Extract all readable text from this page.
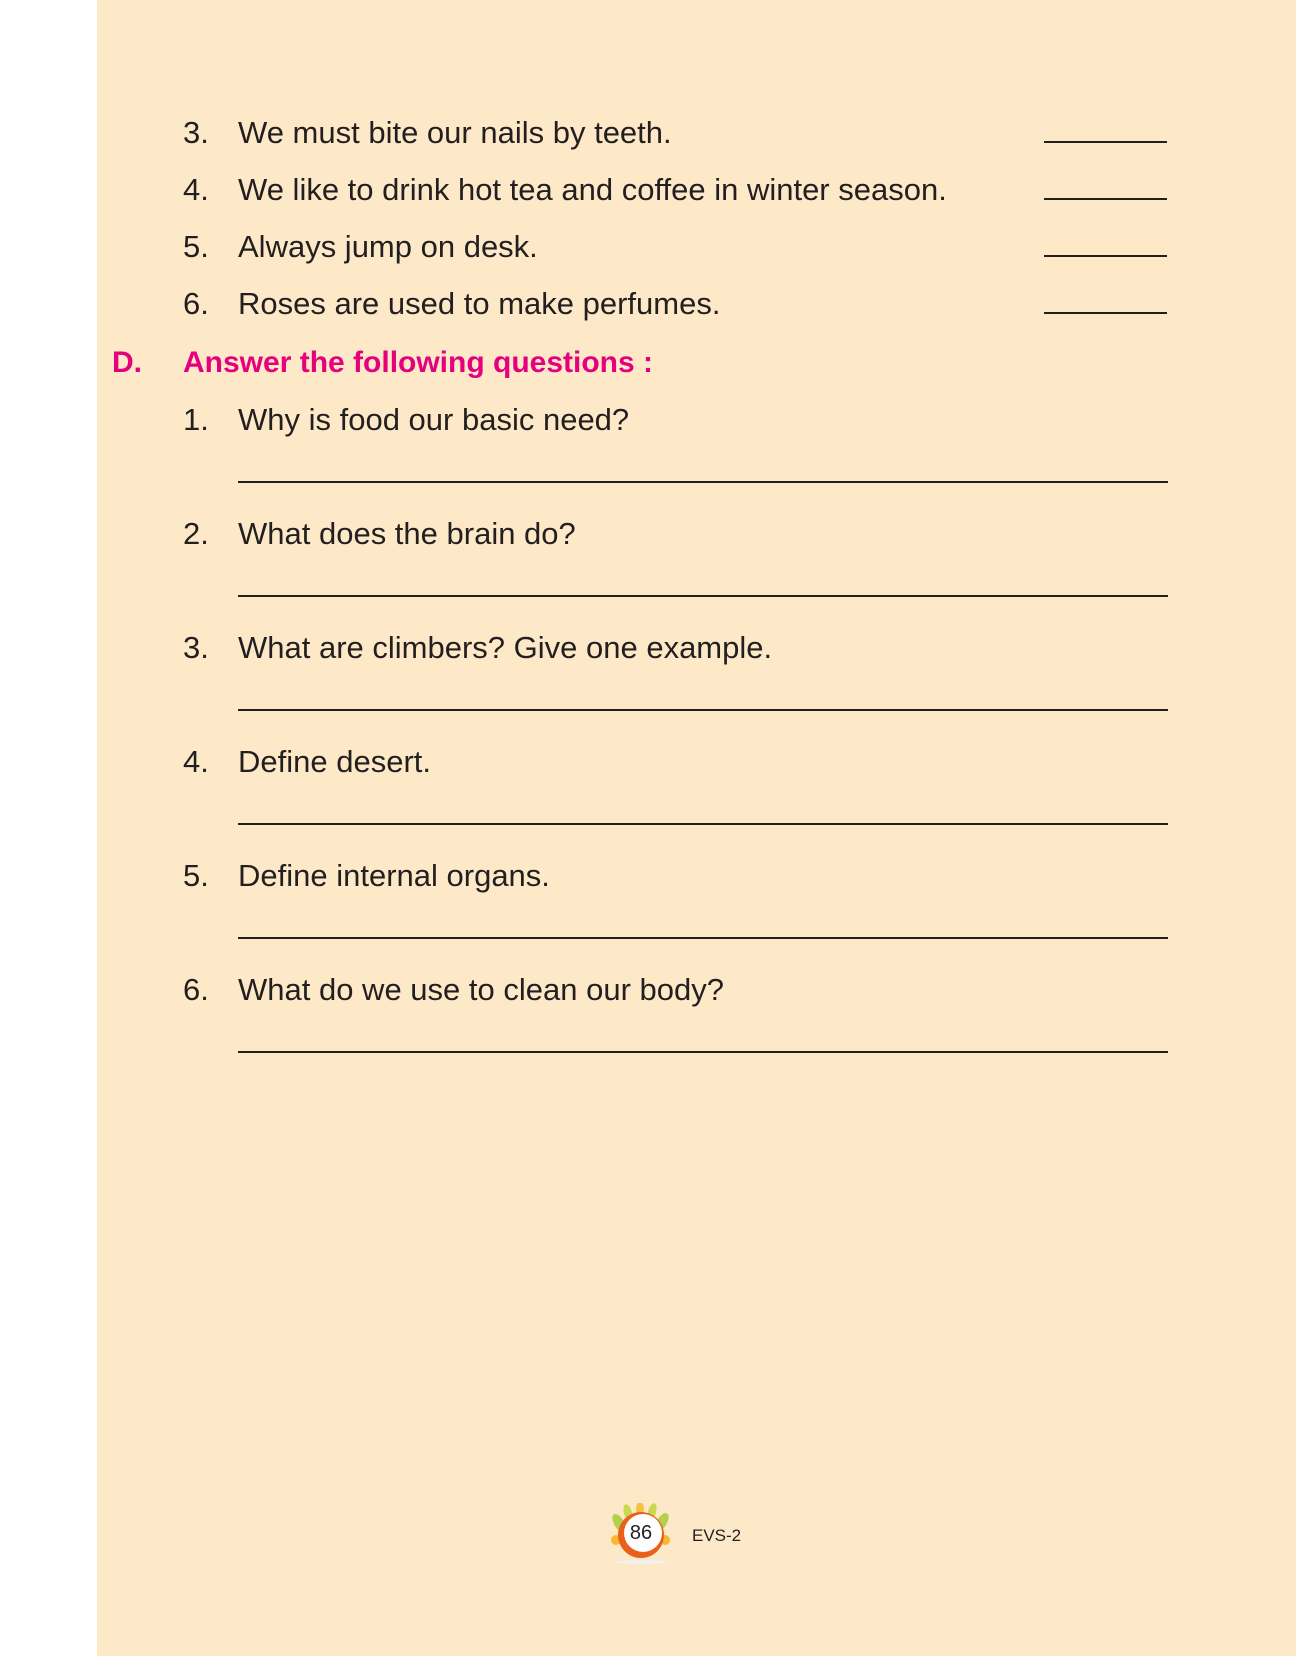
3. We must bite our nails by teeth.
4. We like to drink hot tea and coffee in winter season.
5. Always jump on desk.
6. Roses are used to make perfumes.
D. Answer the following questions :
1. Why is food our basic need?
2. What does the brain do?
3. What are climbers? Give one example.
4. Define desert.
5. Define internal organs.
6. What do we use to clean our body?
86 EVS-2
